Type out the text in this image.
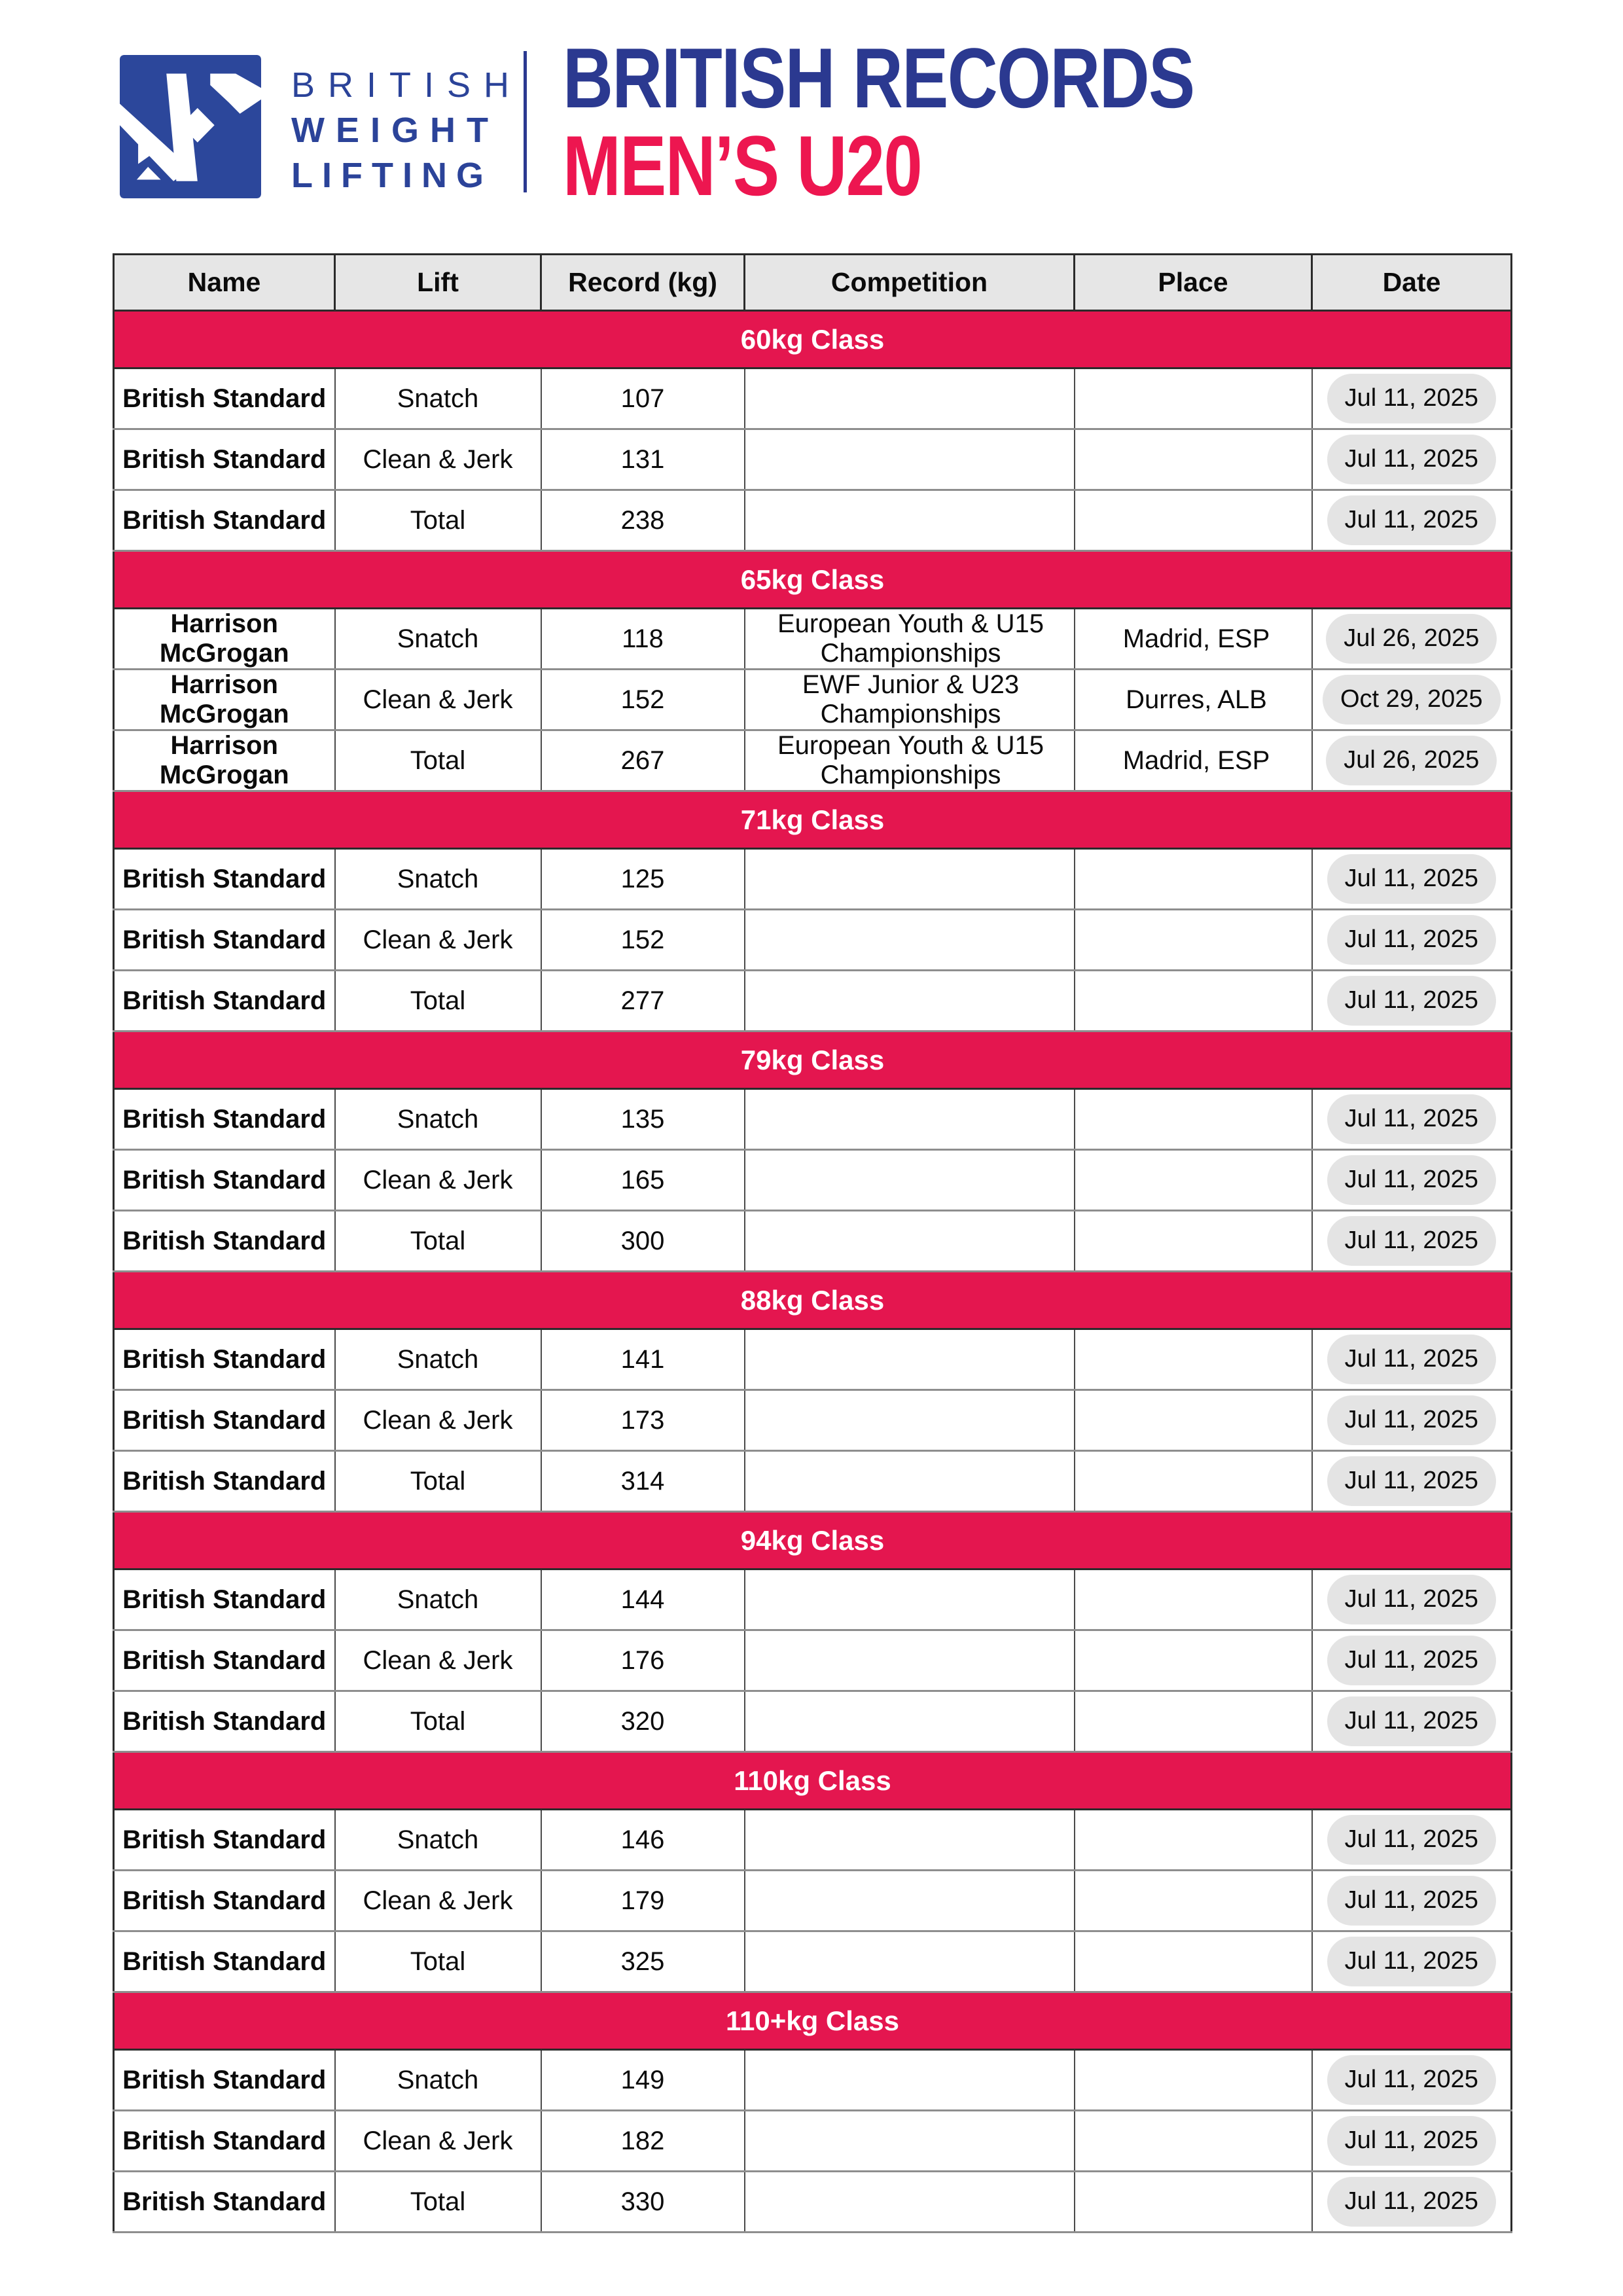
BRITISH
WEIGHT
LIFTING
BRITISH RECORDS
MEN’S U20
Name	Lift	Record (kg)	Competition	Place	Date
60kg Class					
British Standard	Snatch	107			Jul 11, 2025
British Standard	Clean & Jerk	131			Jul 11, 2025
British Standard	Total	238			Jul 11, 2025
65kg Class					
Harrison McGrogan	Snatch	118	European Youth & U15 Championships	Madrid, ESP	Jul 26, 2025
Harrison McGrogan	Clean & Jerk	152	EWF Junior & U23 Championships	Durres, ALB	Oct 29, 2025
Harrison McGrogan	Total	267	European Youth & U15 Championships	Madrid, ESP	Jul 26, 2025
71kg Class					
British Standard	Snatch	125			Jul 11, 2025
British Standard	Clean & Jerk	152			Jul 11, 2025
British Standard	Total	277			Jul 11, 2025
79kg Class					
British Standard	Snatch	135			Jul 11, 2025
British Standard	Clean & Jerk	165			Jul 11, 2025
British Standard	Total	300			Jul 11, 2025
88kg Class					
British Standard	Snatch	141			Jul 11, 2025
British Standard	Clean & Jerk	173			Jul 11, 2025
British Standard	Total	314			Jul 11, 2025
94kg Class					
British Standard	Snatch	144			Jul 11, 2025
British Standard	Clean & Jerk	176			Jul 11, 2025
British Standard	Total	320			Jul 11, 2025
110kg Class					
British Standard	Snatch	146			Jul 11, 2025
British Standard	Clean & Jerk	179			Jul 11, 2025
British Standard	Total	325			Jul 11, 2025
110+kg Class					
British Standard	Snatch	149			Jul 11, 2025
British Standard	Clean & Jerk	182			Jul 11, 2025
British Standard	Total	330			Jul 11, 2025
